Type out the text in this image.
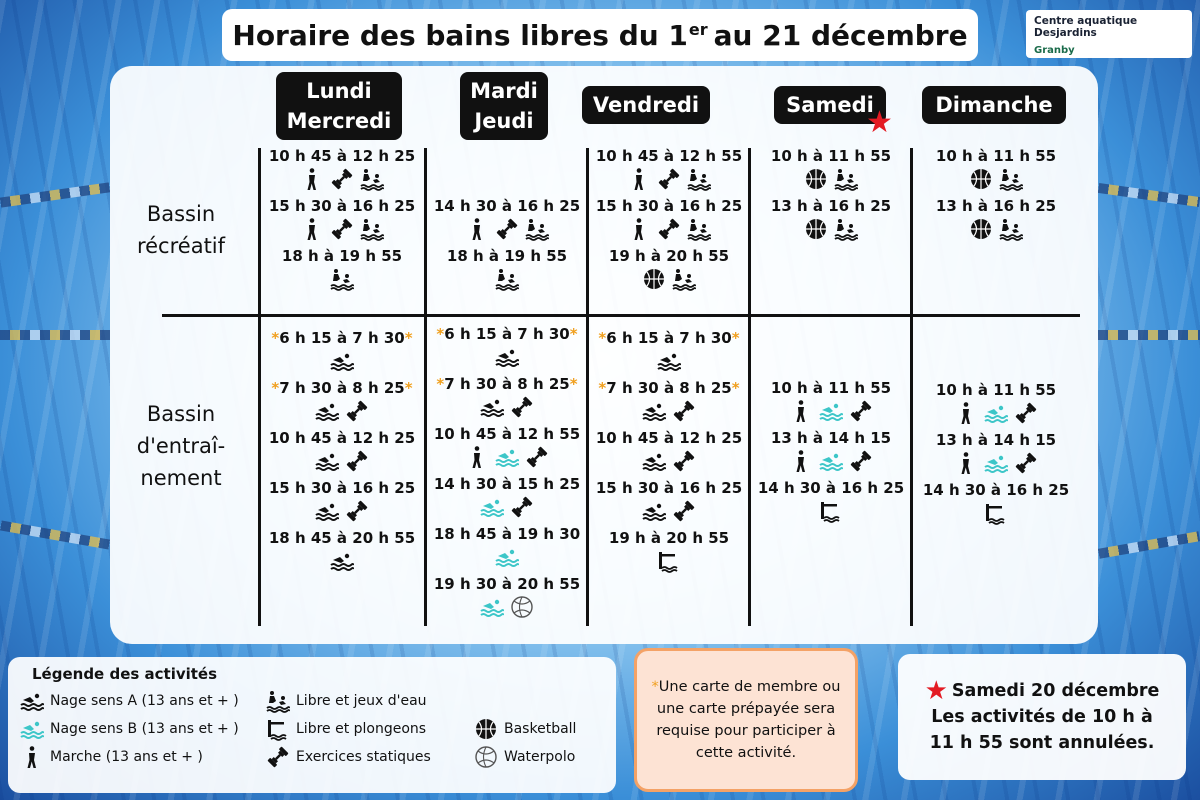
Horaire des bains libres du 1er au 21 décembre	Centre aquatique Desjardins
Granby
Lundi
Mercredi
Mardi
Jeudi
Vendredi	Samedi
★ Dimanche
Bassin
récréatif
Bassin
d'entraî-
nement
10 h 45 à 12 h 25
15 h 30 à 16 h 25
18 h à 19 h 55
14 h 30 à 16 h 25
18 h à 19 h 55
10 h 45 à 12 h 55
15 h 30 à 16 h 25
19 h à 20 h 55
10 h à 11 h 55
13 h à 16 h 25
10 h à 11 h 55
13 h à 16 h 25
*6 h 15 à 7 h 30*
*7 h 30 à 8 h 25*
10 h 45 à 12 h 25
15 h 30 à 16 h 25
18 h 45 à 20 h 55
*6 h 15 à 7 h 30*
*7 h 30 à 8 h 25*
10 h 45 à 12 h 55
14 h 30 à 15 h 25
18 h 45 à 19 h 30
19 h 30 à 20 h 55
*6 h 15 à 7 h 30*
*7 h 30 à 8 h 25*
10 h 45 à 12 h 25
15 h 30 à 16 h 25
19 h à 20 h 55
10 h à 11 h 55
13 h à 14 h 15
14 h 30 à 16 h 25
10 h à 11 h 55
13 h à 14 h 15
14 h 30 à 16 h 25
Légende des activités
Nage sens A (13 ans et + )
Nage sens B (13 ans et + )
Marche (13 ans et + )
Libre et jeux d'eau
Libre et plongeons
Exercices statiques
Basketball
Waterpolo
*Une carte de membre ou une carte prépayée sera requise pour participer à cette activité.
★ Samedi 20 décembre
Les activités de 10 h à
11 h 55 sont annulées.
